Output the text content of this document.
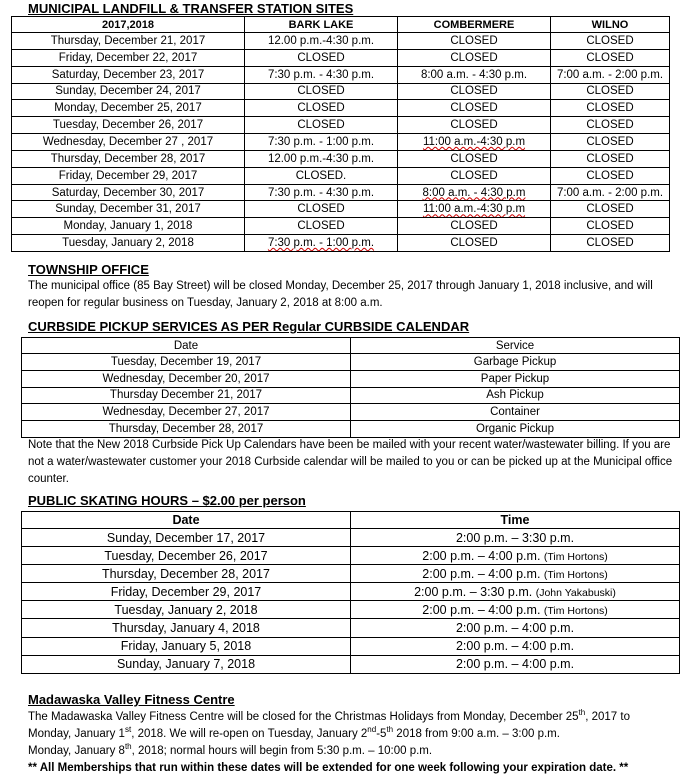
MUNICIPAL LANDFILL & TRANSFER STATION SITES
2017,2018	BARK LAKE	COMBERMERE	WILNO
Thursday, December 21, 2017	12.00 p.m.-4:30 p.m.	CLOSED	CLOSED
Friday, December 22, 2017	CLOSED	CLOSED	CLOSED
Saturday, December 23, 2017	7:30 p.m. - 4:30 p.m.	8:00 a.m. - 4:30 p.m.	7:00 a.m. - 2:00 p.m.
Sunday, December 24, 2017	CLOSED	CLOSED	CLOSED
Monday, December 25, 2017	CLOSED	CLOSED	CLOSED
Tuesday, December 26, 2017	CLOSED	CLOSED	CLOSED
Wednesday, December 27 , 2017	7:30 p.m. - 1:00 p.m.	11:00 a.m.-4:30 p.m	CLOSED
Thursday, December 28, 2017	12.00 p.m.-4:30 p.m.	CLOSED	CLOSED
Friday, December 29, 2017	CLOSED.	CLOSED	CLOSED
Saturday, December 30, 2017	7:30 p.m. - 4:30 p.m.	8:00 a.m. - 4:30 p.m	7:00 a.m. - 2:00 p.m.
Sunday, December 31, 2017	CLOSED	11:00 a.m.-4:30 p.m	CLOSED
Monday, January 1, 2018	CLOSED	CLOSED	CLOSED
Tuesday, January 2, 2018	7:30 p.m. - 1:00 p.m.	CLOSED	CLOSED
TOWNSHIP OFFICE
The municipal office (85 Bay Street) will be closed Monday, December 25, 2017 through January 1, 2018 inclusive, and will reopen for regular business on Tuesday, January 2, 2018 at 8:00 a.m.
CURBSIDE PICKUP SERVICES AS PER Regular CURBSIDE CALENDAR
Date	Service
Tuesday, December 19, 2017	Garbage Pickup
Wednesday, December 20, 2017	Paper Pickup
Thursday December 21, 2017	Ash Pickup
Wednesday, December 27, 2017	Container
Thursday, December 28, 2017	Organic Pickup
Note that the New 2018 Curbside Pick Up Calendars have been be mailed with your recent water/wastewater billing. If you are not a water/wastewater customer your 2018 Curbside calendar will be mailed to you or can be picked up at the Municipal office counter.
PUBLIC SKATING HOURS – $2.00 per person
Date	Time
Sunday, December 17, 2017	2:00 p.m. – 3:30 p.m.
Tuesday, December 26, 2017	2:00 p.m. – 4:00 p.m. (Tim Hortons)
Thursday, December 28, 2017	2:00 p.m. – 4:00 p.m. (Tim Hortons)
Friday, December 29, 2017	2:00 p.m. – 3:30 p.m. (John Yakabuski)
Tuesday, January 2, 2018	2:00 p.m. – 4:00 p.m. (Tim Hortons)
Thursday, January 4, 2018	2:00 p.m. – 4:00 p.m.
Friday, January 5, 2018	2:00 p.m. – 4:00 p.m.
Sunday, January 7, 2018	2:00 p.m. – 4:00 p.m.
Madawaska Valley Fitness Centre
The Madawaska Valley Fitness Centre will be closed for the Christmas Holidays from Monday, December 25th, 2017 to
Monday, January 1st, 2018. We will re-open on Tuesday, January 2nd-5th 2018 from 9:00 a.m. – 3:00 p.m.
Monday, January 8th, 2018; normal hours will begin from 5:30 p.m. – 10:00 p.m.
** All Memberships that run within these dates will be extended for one week following your expiration date. **
